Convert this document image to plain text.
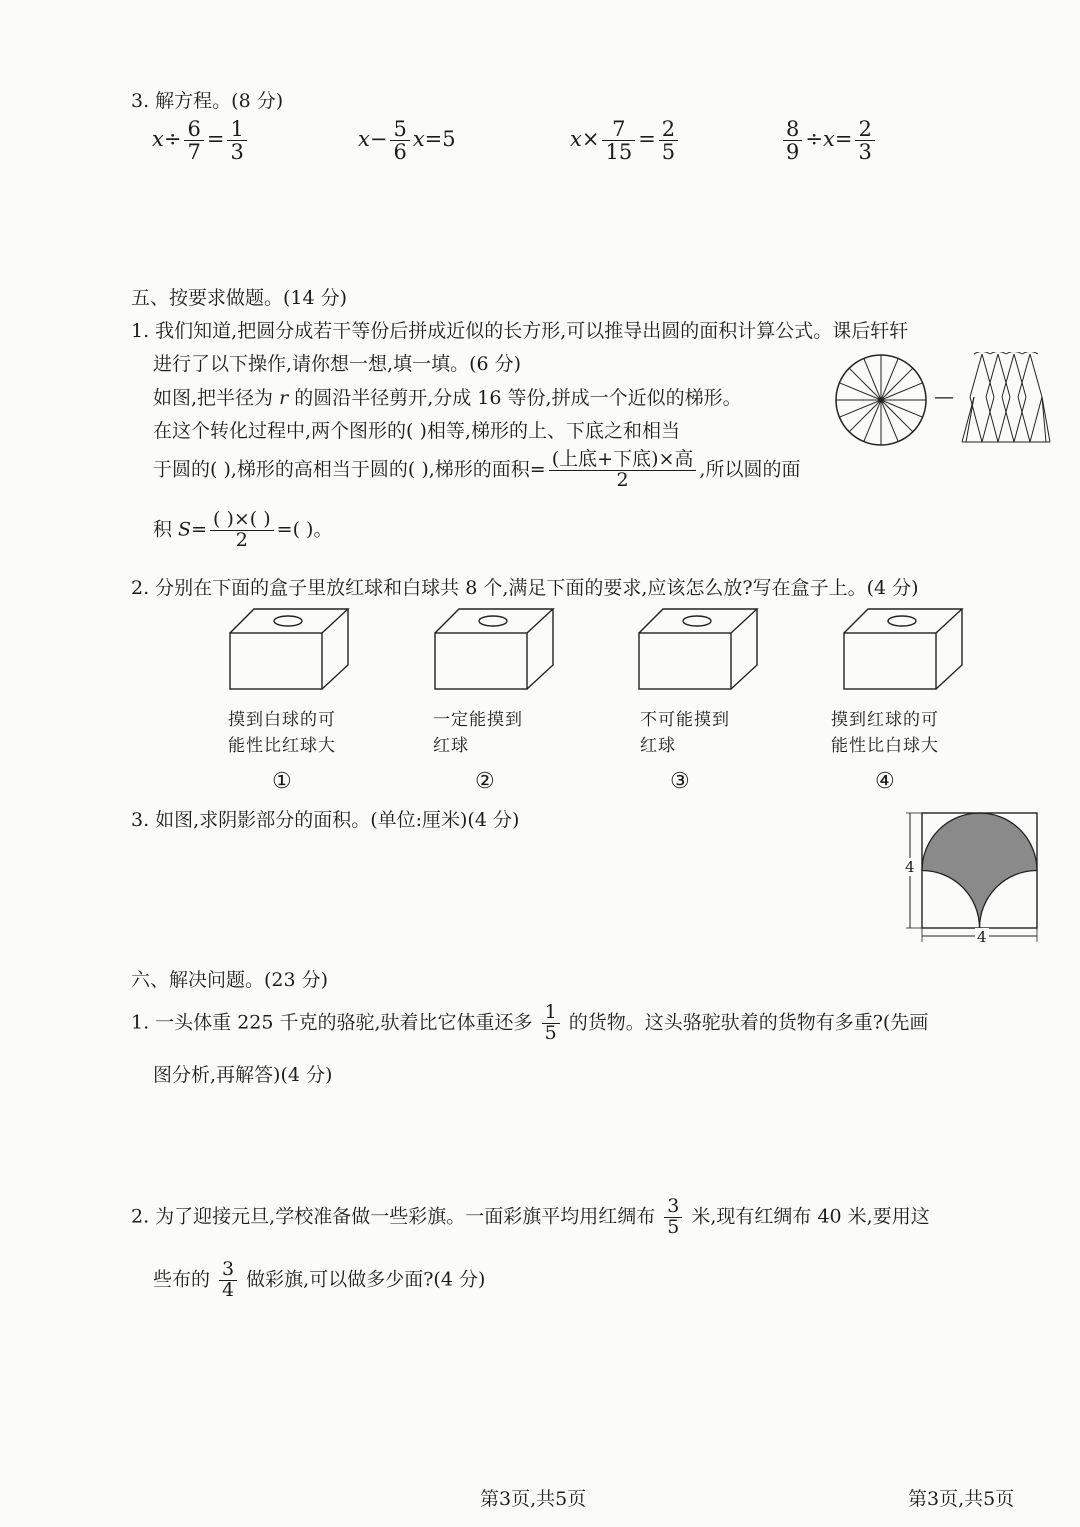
3. 解方程。(8 分)
$x\div \frac{6}{7} = \frac{1}{3}$	$x- \frac{5}{6} x=5$	$x\times \frac{7}{15} = \frac{2}{5}$	$\frac{8}{9} \div x= \frac{2}{3}$
五、按要求做题。(14 分)
1. 我们知道,把圆分成若干等份后拼成近似的长方形,可以推导出圆的面积计算公式。课后轩轩
进行了以下操作,请你想一想,填一填。(6 分)
如图,把半径为 r 的圆沿半径剪开,分成 16 等份,拼成一个近似的梯形。
在这个转化过程中,两个图形的( )相等,梯形的上、下底之和相当
于圆的( ),梯形的高相当于圆的( ),梯形的面积= $\frac{\text{(上底+下底)×高}}{2}$ ,所以圆的面
积 $S= \frac{( )\times( )}{2}$ =( )。
—
2. 分别在下面的盒子里放红球和白球共 8 个,满足下面的要求,应该怎么放?写在盒子上。(4 分)
摸到白球的可
能性比红球大
一定能摸到
红球
不可能摸到
红球
摸到红球的可
能性比白球大
①	②	③	④
3. 如图,求阴影部分的面积。(单位:厘米)(4 分)
4
4
六、解决问题。(23 分)
1. 一头体重 225 千克的骆驼,驮着比它体重还多 $\frac{1}{5}$ 的货物。这头骆驼驮着的货物有多重?(先画
图分析,再解答)(4 分)
2. 为了迎接元旦,学校准备做一些彩旗。一面彩旗平均用红绸布 $\frac{3}{5}$ 米,现有红绸布 40 米,要用这
些布的 $\frac{3}{4}$ 做彩旗,可以做多少面?(4 分)
第3页,共5页	第3页,共5页
